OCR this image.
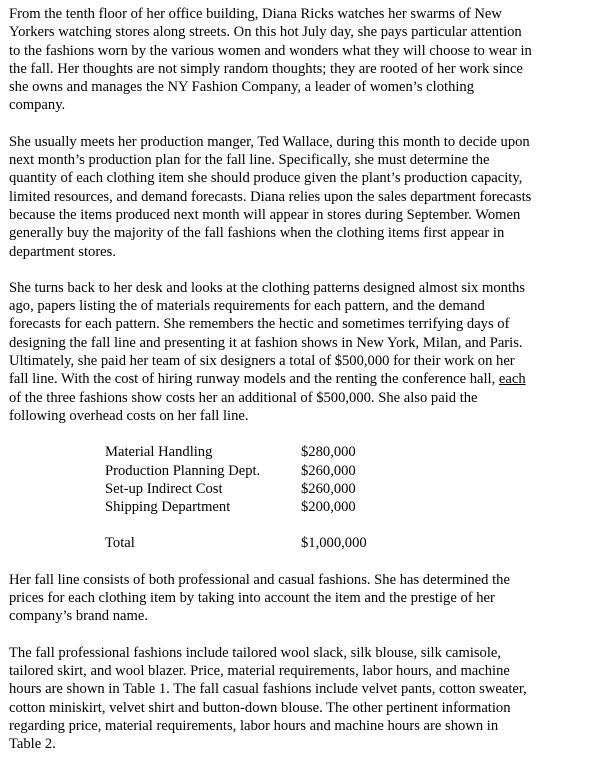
From the tenth floor of her office building, Diana Ricks watches her swarms of New
Yorkers watching stores along streets. On this hot July day, she pays particular attention
to the fashions worn by the various women and wonders what they will choose to wear in
the fall. Her thoughts are not simply random thoughts; they are rooted of her work since
she owns and manages the NY Fashion Company, a leader of women’s clothing
company.

She usually meets her production manger, Ted Wallace, during this month to decide upon
next month’s production plan for the fall line. Specifically, she must determine the
quantity of each clothing item she should produce given the plant’s production capacity,
limited resources, and demand forecasts. Diana relies upon the sales department forecasts
because the items produced next month will appear in stores during September. Women
generally buy the majority of the fall fashions when the clothing items first appear in
department stores.

She turns back to her desk and looks at the clothing patterns designed almost six months
ago, papers listing the of materials requirements for each pattern, and the demand
forecasts for each pattern. She remembers the hectic and sometimes terrifying days of
designing the fall line and presenting it at fashion shows in New York, Milan, and Paris.
Ultimately, she paid her team of six designers a total of $500,000 for their work on her
fall line. With the cost of hiring runway models and the renting the conference hall, each
of the three fashions show costs her an additional of $500,000. She also paid the
following overhead costs on her fall line.

Material Handling	$280,000
Production Planning Dept.	$260,000
Set-up Indirect Cost	$260,000
Shipping Department	$200,000

Total	$1,000,000

Her fall line consists of both professional and casual fashions. She has determined the
prices for each clothing item by taking into account the item and the prestige of her
company’s brand name.

The fall professional fashions include tailored wool slack, silk blouse, silk camisole,
tailored skirt, and wool blazer. Price, material requirements, labor hours, and machine
hours are shown in Table 1. The fall casual fashions include velvet pants, cotton sweater,
cotton miniskirt, velvet shirt and button-down blouse. The other pertinent information
regarding price, material requirements, labor hours and machine hours are shown in
Table 2.
